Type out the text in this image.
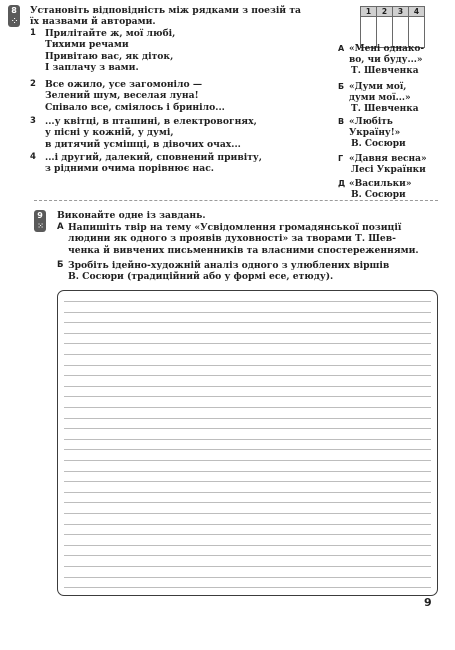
8
⁘
Установіть відповідність між рядками з поезій та
їх назвами й авторами.
1	2	3	4

1 Прилітайте ж, мої любі,
Тихими речами
Привітаю вас, як діток,
І заплачу з вами.
2 Все ожило, усе загомоніло —
Зелений шум, веселая луна!
Співало все, сміялось і бриніло...
3 ...у квітці, в пташині, в електровогнях,
у пісні у кожній, у думі,
в дитячий усмішці, в дівочих очах...
4 ...і другий, далекий, сповнений привіту,
з рідними очима порівнює нас.
А «Мені однако-
во, чи буду...»
Т. Шевченка
Б «Думи мої,
думи мої...»
Т. Шевченка
В «Любіть
Україну!»
В. Сосюри
Г «Давня весна»
Лесі Українки
Д «Васильки»
В. Сосюри
9
⁙
Виконайте одне із завдань.
А Напишіть твір на тему «Усвідомлення громадянської позиції
людини як одного з проявів духовності» за творами Т. Шев-
ченка й вивчених письменників та власними спостереженнями.
Б Зробіть ідейно-художній аналіз одного з улюблених віршів
В. Сосюри (традиційний або у формі есе, етюду).
9
